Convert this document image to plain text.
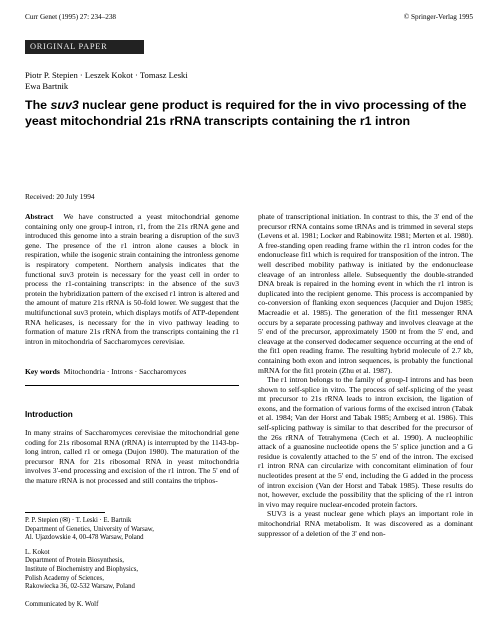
Curr Genet (1995) 27: 234–238	© Springer-Verlag 1995
ORIGINAL PAPER
Piotr P. Stepien · Leszek Kokot · Tomasz Leski
Ewa Bartnik
The suv3 nuclear gene product is required for the in vivo processing of the
yeast mitochondrial 21s rRNA transcripts containing the r1 intron
Received: 20 July 1994

Abstract We have constructed a yeast mitochondrial genome containing only one group-I intron, r1, from the 21s rRNA gene and introduced this genome into a strain bearing a disruption of the suv3 gene. The presence of the r1 intron alone causes a block in respiration, while the isogenic strain containing the intronless genome is respiratory competent. Northern analysis indicates that the functional suv3 protein is necessary for the yeast cell in order to process the r1-containing transcripts: in the absence of the suv3 protein the hybridization pattern of the excised r1 intron is altered and the amount of mature 21s rRNA is 50-fold lower. We suggest that the multifunctional suv3 protein, which displays motifs of ATP-dependent RNA helicases, is necessary for the in vivo pathway leading to formation of mature 21s rRNA from the transcripts containing the r1 intron in mitochondria of Saccharomyces cerevisiae.

Key words Mitochondria · Introns · Saccharomyces

Introduction

In many strains of Saccharomyces cerevisiae the mitochondrial gene coding for 21s ribosomal RNA (rRNA) is interrupted by the 1143-bp-long intron, called r1 or omega (Dujon 1980). The maturation of the precursor RNA for 21s ribosomal RNA in yeast mitochondria involves 3'-end processing and excision of the r1 intron. The 5' end of the mature rRNA is not processed and still contains the triphos-

P. P. Stepien (✉) · T. Leski · E. Bartnik
Department of Genetics, University of Warsaw,
Al. Ujazdowskie 4, 00-478 Warsaw, Poland
L. Kokot
Department of Protein Biosynthesis,
Institute of Biochemistry and Biophysics,
Polish Academy of Sciences,
Rakowiecka 36, 02-532 Warsaw, Poland
Communicated by K. Wolf

phate of transcriptional initiation. In contrast to this, the 3' end of the precursor rRNA contains some tRNAs and is trimmed in several steps (Levens et al. 1981; Locker and Rabinowitz 1981; Merten et al. 1980). A free-standing open reading frame within the r1 intron codes for the endonuclease fit1 which is required for transposition of the intron. The well described mobility pathway is initiated by the endonuclease cleavage of an intronless allele. Subsequently the double-stranded DNA break is repaired in the homing event in which the r1 intron is duplicated into the recipient genome. This process is accompanied by co-conversion of flanking exon sequences (Jacquier and Dujon 1985; Macreadie et al. 1985). The generation of the fit1 messenger RNA occurs by a separate processing pathway and involves cleavage at the 5' end of the precursor, approximately 1500 nt from the 5' end, and cleavage at the conserved dodecamer sequence occurring at the end of the fit1 open reading frame. The resulting hybrid molecule of 2.7 kb, containing both exon and intron sequences, is probably the functional mRNA for the fit1 protein (Zhu et al. 1987).

The r1 intron belongs to the family of group-I introns and has been shown to self-splice in vitro. The process of self-splicing of the yeast mt precursor to 21s rRNA leads to intron excision, the ligation of exons, and the formation of various forms of the excised intron (Tabak et al. 1984; Van der Horst and Tabak 1985; Arnberg et al. 1986). This self-splicing pathway is similar to that described for the precursor of the 26s rRNA of Tetrahymena (Cech et al. 1990). A nucleophilic attack of a guanosine nucleotide opens the 5' splice junction and a G residue is covalently attached to the 5' end of the intron. The excised r1 intron RNA can circularize with concomitant elimination of four nucleotides present at the 5' end, including the G added in the process of intron excision (Van der Horst and Tabak 1985). These results do not, however, exclude the possibility that the splicing of the r1 intron in vivo may require nuclear-encoded protein factors.

SUV3 is a yeast nuclear gene which plays an important role in mitochondrial RNA metabolism. It was discovered as a dominant suppressor of a deletion of the 3' end non-
